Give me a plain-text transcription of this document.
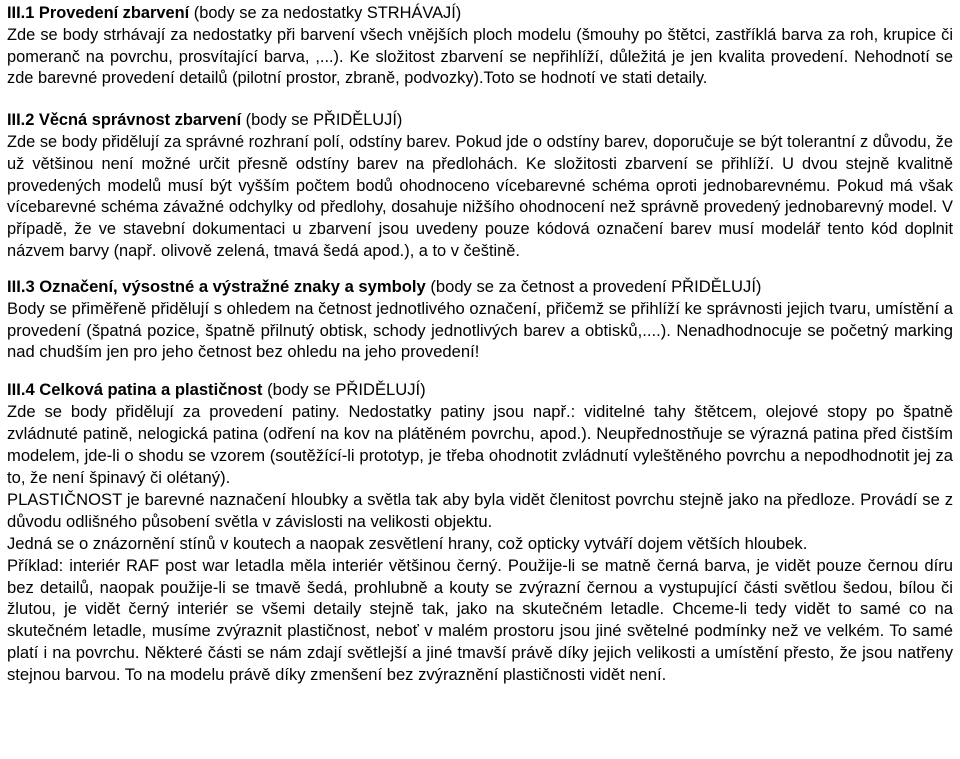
III.1 Provedení zbarvení (body se za nedostatky STRHÁVAJÍ)

Zde se body strhávají za nedostatky při barvení všech vnějších ploch modelu (šmouhy po štětci, zastříklá barva za roh, krupice či pomeranč na povrchu, prosvítající barva, ,...). Ke složitost zbarvení se nepřihlíží, důležitá je jen kvalita provedení. Nehodnotí se zde barevné provedení detailů (pilotní prostor, zbraně, podvozky).Toto se hodnotí ve stati detaily.

III.2 Věcná správnost zbarvení (body se PŘIDĚLUJÍ)

Zde se body přidělují za správné rozhraní polí, odstíny barev. Pokud jde o odstíny barev, doporučuje se být tolerantní z důvodu, že už většinou není možné určit přesně odstíny barev na předlohách. Ke složitosti zbarvení se přihlíží. U dvou stejně kvalitně provedených modelů musí být vyšším počtem bodů ohodnoceno vícebarevné schéma oproti jednobarevnému. Pokud má však vícebarevné schéma závažné odchylky od předlohy, dosahuje nižšího ohodnocení než správně provedený jednobarevný model. V případě, že ve stavební dokumentaci u zbarvení jsou uvedeny pouze kódová označení barev musí modelář tento kód doplnit názvem barvy (např. olivově zelená, tmavá šedá apod.), a to v češtině.

III.3 Označení, výsostné a výstražné znaky a symboly (body se za četnost a provedení PŘIDĚLUJÍ)

Body se přiměřeně přidělují s ohledem na četnost jednotlivého označení, přičemž se přihlíží ke správnosti jejich tvaru, umístění a provedení (špatná pozice, špatně přilnutý obtisk, schody jednotlivých barev a obtisků,....). Nenadhodnocuje se početný marking nad chudším jen pro jeho četnost bez ohledu na jeho provedení!

III.4 Celková patina a plastičnost (body se PŘIDĚLUJÍ)

Zde se body přidělují za provedení patiny. Nedostatky patiny jsou např.: viditelné tahy štětcem, olejové stopy po špatně zvládnuté patině, nelogická patina (odření na kov na plátěném povrchu, apod.). Neupřednostňuje se výrazná patina před čistším modelem, jde-li o shodu se vzorem (soutěžící-li prototyp, je třeba ohodnotit zvládnutí vyleštěného povrchu a nepodhodnotit jej za to, že není špinavý či olétaný).

PLASTIČNOST je barevné naznačení hloubky a světla tak aby byla vidět členitost povrchu stejně jako na předloze. Provádí se z důvodu odlišného působení světla v závislosti na velikosti objektu.

Jedná se o znázornění stínů v koutech a naopak zesvětlení hrany, což opticky vytváří dojem větších hloubek.

Příklad: interiér RAF post war letadla měla interiér většinou černý. Použije-li se matně černá barva, je vidět pouze černou díru bez detailů, naopak použije-li se tmavě šedá, prohlubně a kouty se zvýrazní černou a vystupující části světlou šedou, bílou či žlutou, je vidět černý interiér se všemi detaily stejně tak, jako na skutečném letadle. Chceme-li tedy vidět to samé co na skutečném letadle, musíme zvýraznit plastičnost, neboť v malém prostoru jsou jiné světelné podmínky než ve velkém. To samé platí i na povrchu. Některé části se nám zdají světlejší a jiné tmavší právě díky jejich velikosti a umístění přesto, že jsou natřeny stejnou barvou. To na modelu právě díky zmenšení bez zvýraznění plastičnosti vidět není.
